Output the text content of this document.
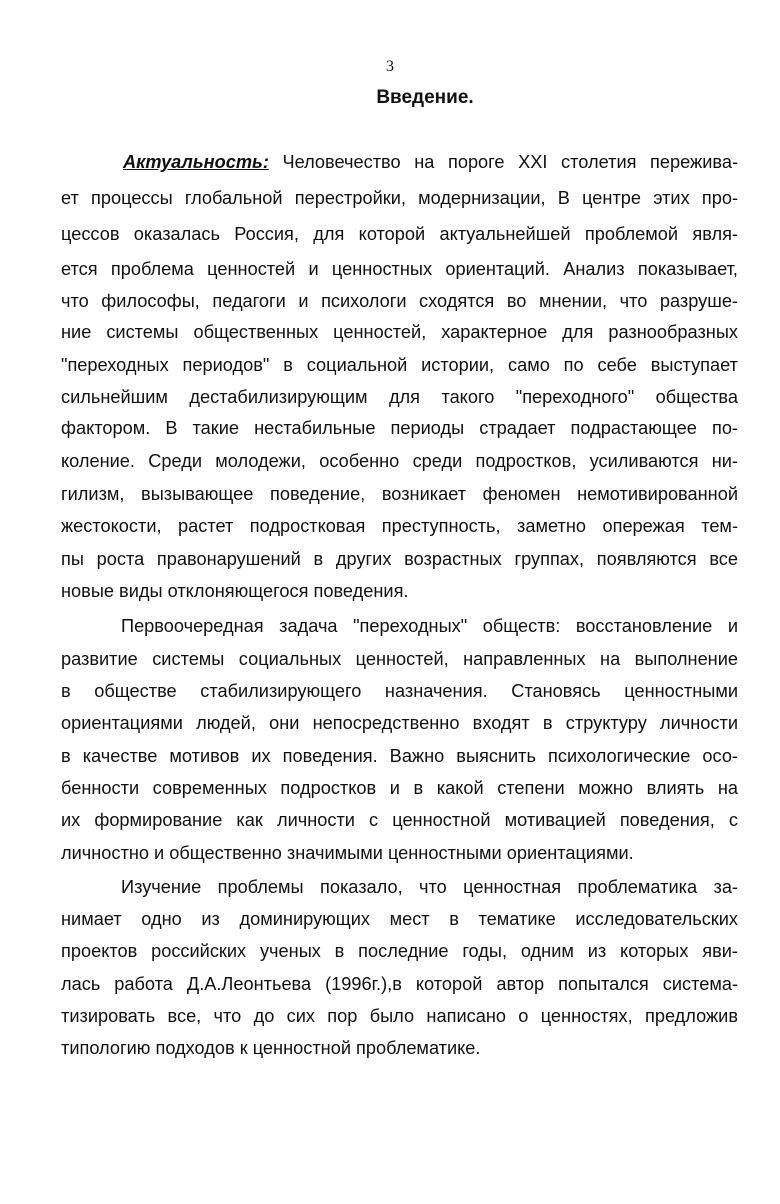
3
Введение.
Актуальность: Человечество на пороге XXI столетия пережива-
ет процессы глобальной перестройки, модернизации, В центре этих про-
цессов оказалась Россия, для которой актуальнейшей проблемой явля-
ется проблема ценностей и ценностных ориентаций. Анализ показывает,
что философы, педагоги и психологи сходятся во мнении, что разруше-
ние системы общественных ценностей, характерное для разнообразных
"переходных периодов" в социальной истории, само по себе выступает
сильнейшим дестабилизирующим для такого "переходного" общества
фактором. В такие нестабильные периоды страдает подрастающее по-
коление. Среди молодежи, особенно среди подростков, усиливаются ни-
гилизм, вызывающее поведение, возникает феномен немотивированной
жестокости, растет подростковая преступность, заметно опережая тем-
пы роста правонарушений в других возрастных группах, появляются все
новые виды отклоняющегося поведения.
Первоочередная задача "переходных" обществ: восстановление и
развитие системы социальных ценностей, направленных на выполнение
в обществе стабилизирующего назначения. Становясь ценностными
ориентациями людей, они непосредственно входят в структуру личности
в качестве мотивов их поведения. Важно выяснить психологические осо-
бенности современных подростков и в какой степени можно влиять на
их формирование как личности с ценностной мотивацией поведения, с
личностно и общественно значимыми ценностными ориентациями.
Изучение проблемы показало, что ценностная проблематика за-
нимает одно из доминирующих мест в тематике исследовательских
проектов российских ученых в последние годы, одним из которых яви-
лась работа Д.А.Леонтьева (1996г.),в которой автор попытался система-
тизировать все, что до сих пор было написано о ценностях, предложив
типологию подходов к ценностной проблематике.
